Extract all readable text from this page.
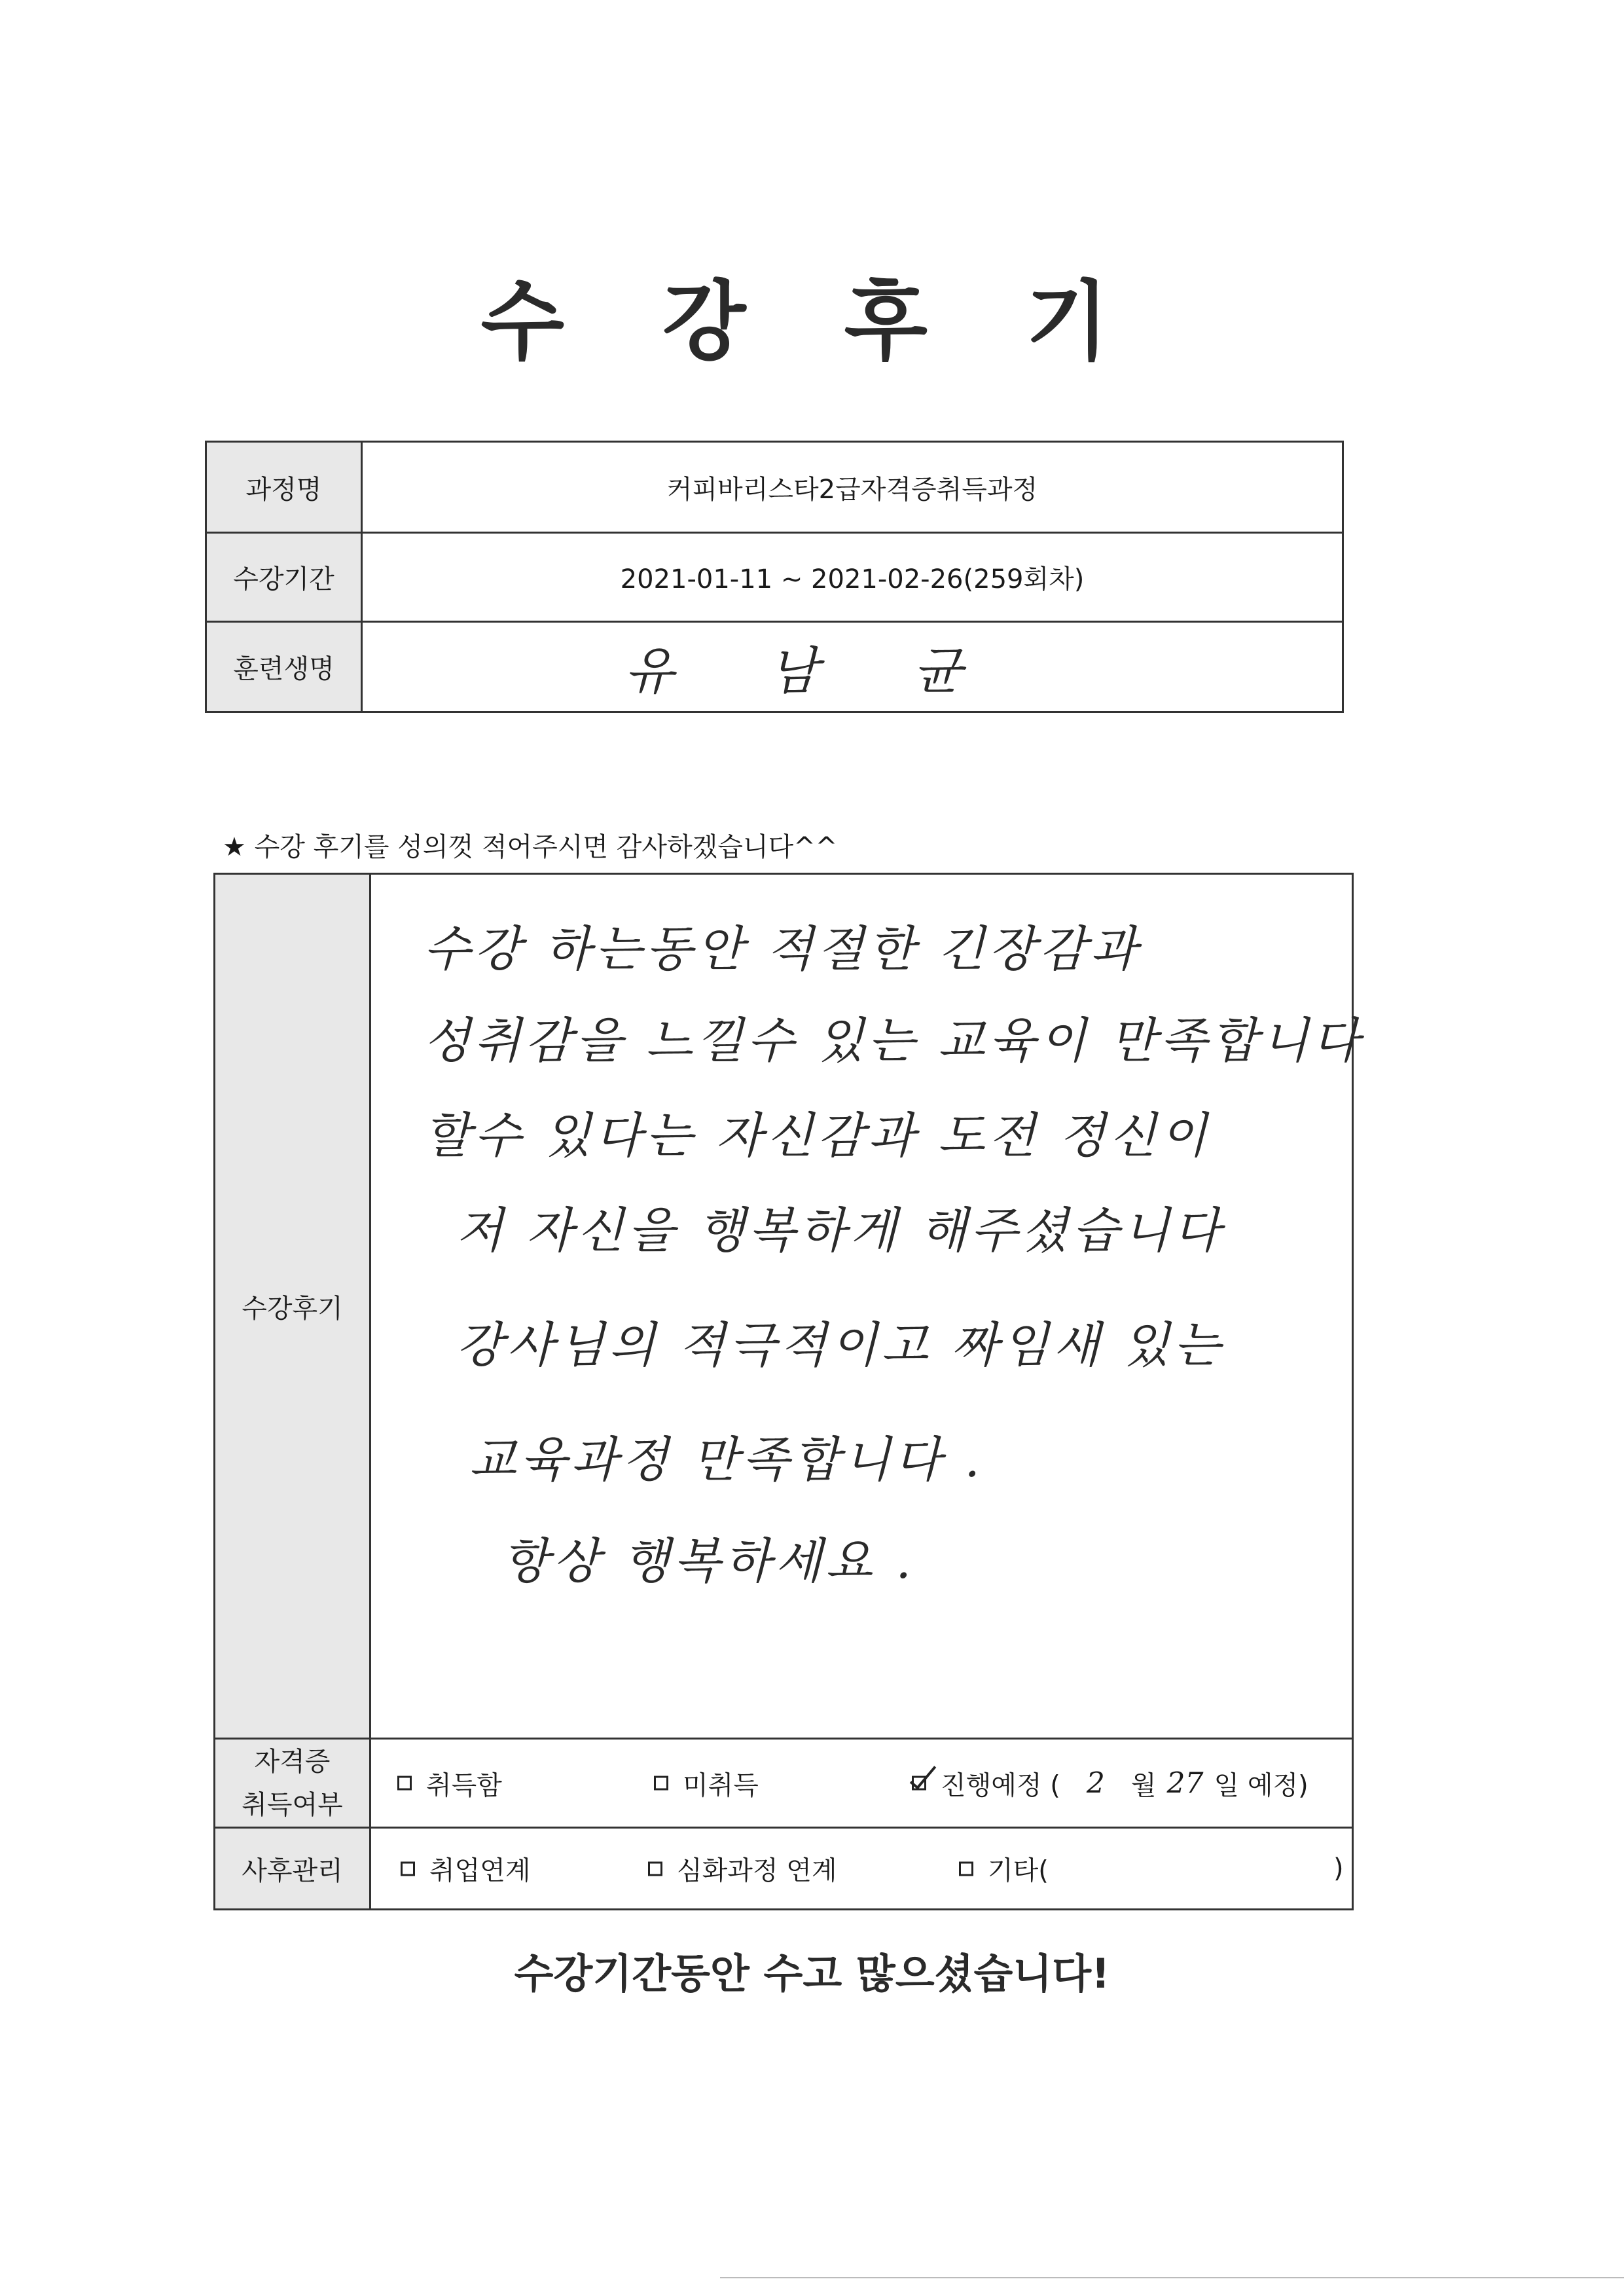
수 강 후 기
과정명	커피바리스타2급자격증취득과정
수강기간	2021-01-11 ~ 2021-02-26(259회차)
훈련생명	유 남 균
★ 수강 후기를 성의껏 적어주시면 감사하겠습니다^^
수강후기
수강 하는동안 적절한 긴장감과
성취감을 느낄수 있는 교육이 만족합니다
할수 있다는 자신감과 도전 정신이
저 자신을 행복하게 해주셨습니다
강사님의 적극적이고 짜임새 있는
교육과정 만족합니다 .
항상 행복하세요 .
자격증
취득여부
취득함	미취득	진행예정 ( 2 월 27 일 예정)
사후관리	취업연계	심화과정 연계	기타(	)
수강기간동안 수고 많으셨습니다!
